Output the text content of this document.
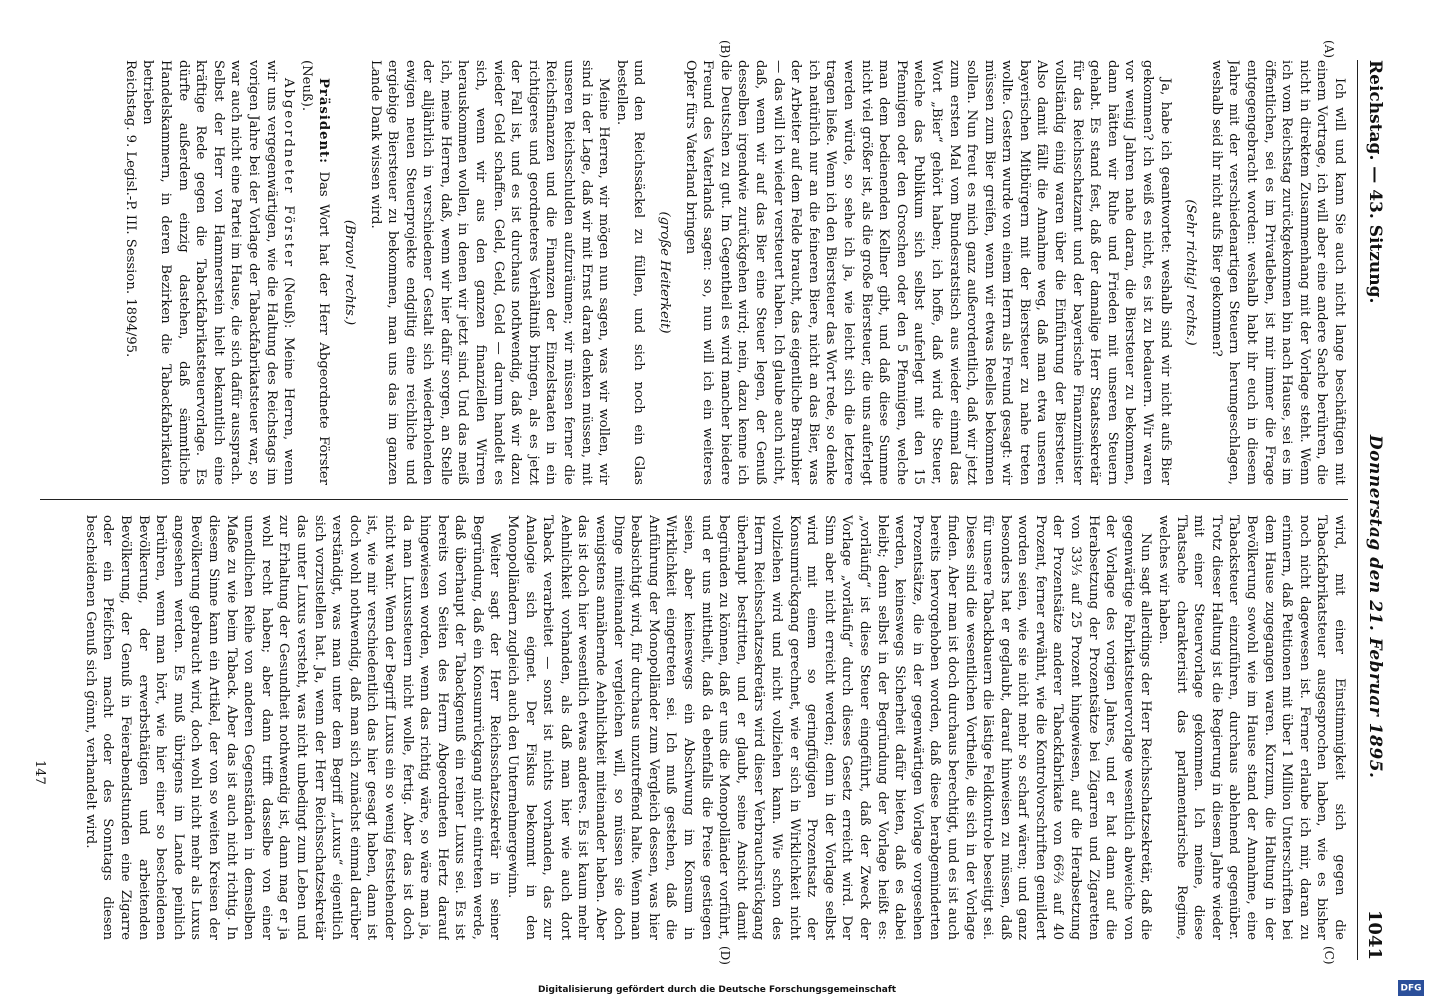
Reichstag. — 43. Sitzung.
Donnerstag den 21. Februar 1895.
1041
(A)
(B)
(C)
(D)

Ich will und kann Sie auch nicht lange beschäftigen mit einem Vortrage, ich will aber eine andere Sache berühren, die nicht in direktem Zusammenhang mit der Vorlage steht. Wenn ich vom Reichstag zurückgekommen bin nach Hause, sei es im öffentlichen, sei es im Privatleben, ist mir immer die Frage entgegengebracht worden: weshalb habt ihr euch in diesem Jahre mit der verschiedenartigen Steuern herumgeschlagen, weshalb seid ihr nicht aufs Bier gekommen?

(Sehr richtig! rechts.)

Ja, habe ich geantwortet: weshalb sind wir nicht aufs Bier gekommen? ich weiß es nicht, es ist zu bedauern. Wir waren vor wenig Jahren nahe daran, die Biersteuer zu bekommen, dann hätten wir Ruhe und Frieden mit unseren Steuern gehabt. Es stand fest, daß der damalige Herr Staatssekretär für das Reichsschatzamt und der bayerische Finanzminister vollständig einig waren über die Einführung der Biersteuer. Also damit fällt die Annahme weg, daß man etwa unseren bayerischen Mitbürgern mit der Biersteuer zu nahe treten wollte. Gestern wurde von einem Herrn als Freund gesagt: wir müssen zum Bier greifen, wenn wir etwas Reelles bekommen sollen. Nun freut es mich ganz außerordentlich, daß wir jetzt zum ersten Mal vom Bundesratstisch aus wieder einmal das Wort „Bier“ gehört haben; ich hoffe, daß wird die Steuer, welche das Publikum sich selbst auferlegt mit den 15 Pfennigen oder den Groschen oder den 5 Pfennigen, welche man dem bedienenden Kellner gibt, und daß diese Summe nicht viel größer ist, als die große Biersteuer, die uns auferlegt werden würde, so sehe ich ja, wie leicht sich die letztere tragen ließe. Wenn ich den Biersteuer das Wort rede, so denke ich natürlich nur an die feineren Biere, nicht an das Bier, was der Arbeiter auf dem Felde braucht, das eigentliche Braunbier — das will ich wieder versteuert haben. Ich glaube auch nicht, daß, wenn wir auf das Bier eine Steuer legen, der Genuß desselben irgendwie zurückgehen wird; nein, dazu kenne ich die Deutschen zu gut. Im Gegentheil es wird mancher biedere Freund des Vaterlands sagen: so, nun will ich ein weiteres Opfer fürs Vaterland bringen

(große Heiterkeit)

und den Reichssäckel zu füllen, und sich noch ein Glas bestellen.

Meine Herren, wir mögen nun sagen, was wir wollen, wir sind in der Lage, daß wir mit Ernst daran denken müssen, mit unseren Reichsschulden aufzuräumen; wir müssen ferner die Reichsfinanzen und die Finanzen der Einzelstaaten in ein richtigeres und geordneteres Verhältniß bringen, als es jetzt der Fall ist, und es ist durchaus nothwendig, daß wir dazu wieder Geld schaffen. Geld, Geld, Geld — darum handelt es sich, wenn wir aus den ganzen finanziellen Wirren herauskommen wollen, in denen wir jetzt sind. Und das meiß ich, meine Herren, daß, wenn wir hier dafür sorgen, an Stelle der alljährlich in verschiedener Gestalt sich wiederholenden ewigen neuen Steuerprojekte endgiltig eine reichliche und ergiebige Biersteuer zu bekommen, man uns das im ganzen Lande Dank wissen wird.

(Bravo! rechts.)

Präsident: Das Wort hat der Herr Abgeordnete Förster (Neuß).

Abgeordneter Förster (Neuß): Meine Herren, wenn wir uns vergegenwärtigen, wie die Haltung des Reichstags im vorigen Jahre bei der Vorlage der Tabackfabrikatsteuer war, so war auch nicht eine Partei im Hause, die sich dafür aussprach. Selbst der Herr von Hammerstein hielt bekanntlich eine kräftige Rede gegen die Tabackfabrikatsteuervorlage. Es dürfte außerdem einzig dastehen, daß sämmtliche Handelskammern, in deren Bezirken die Tabackfabrikation betrieben

Reichstag. 9. Legisl.-P. III. Session. 1894/95.

wird, mit einer Einstimmigkeit sich gegen die Tabackfabrikatsteuer ausgesprochen haben, wie es bisher noch nicht dagewesen ist. Ferner erlaube ich mir, daran zu erinnern, daß Petitionen mit über 1 Million Unterschriften bei dem Hause zugegangen waren. Kurzum, die Haltung in der Bevölkerung sowohl wie im Hause stand der Annahme, eine Tabacksteuer einzuführen, durchaus ablehnend gegenüber. Trotz dieser Haltung ist die Regierung in diesem Jahre wieder mit einer Steuervorlage gekommen. Ich meine, diese Thatsache charakterisirt das parlamentarische Regime, welches wir haben.

Nun sagt allerdings der Herr Reichsschatzsekretär, daß die gegenwärtige Fabrikatsteuervorlage wesentlich abweiche von der Vorlage des vorigen Jahres, und er hat dann auf die Herabsetzung der Prozentsätze bei Zigarren und Zigaretten von 33⅓ auf 25 Prozent hingewiesen, auf die Herabsetzung der Prozentsätze anderer Tabackfabrikate von 66⅔ auf 40 Prozent, ferner erwähnt, wie die Kontrolvorschriften gemildert worden seien, wie sie nicht mehr so scharf wären; und ganz besonders hat er geglaubt, darauf hinweisen zu müssen, daß für unsere Tabackbauern die lästige Feldkontrole beseitigt sei. Dieses sind die wesentlichen Vortheile, die sich in der Vorlage finden. Aber man ist doch durchaus berechtigt, und es ist auch bereits hervorgehoben worden, daß diese herabgeminderten Prozentsätze, die in der gegenwärtigen Vorlage vorgesehen werden, keineswegs Sicherheit dafür bieten, daß es dabei bleibt; denn selbst in der Begründung der Vorlage heißt es: „vorläufig“ ist diese Steuer eingeführt, daß der Zweck der Vorlage „vorläufig“ durch dieses Gesetz erreicht wird. Der Sinn aber nicht erreicht werden; denn in der Vorlage selbst wird mit einem so geringfügigen Prozentsatz der Konsumrückgang gerechnet, wie er sich in Wirklichkeit nicht vollziehen wird und nicht vollziehen kann. Wie schon des Herrn Reichsschatzsekretärs wird dieser Verbrauchsrückgang überhaupt bestritten, und er glaubt, seine Ansicht damit begründen zu können, daß er uns die Monopolländer vorführt, und er uns mittheilt, daß da ebenfalls die Preise gestiegen seien, aber keineswegs ein Abschwung im Konsum in Wirklichkeit eingetreten sei. Ich muß gestehen, daß die Anführung der Monopolländer zum Vergleich dessen, was hier beabsichtigt wird, für durchaus unzutreffend halte. Wenn man Dinge miteinander vergleichen will, so müssen sie doch wenigstens annähernde Aehnlichkeit miteinander haben. Aber das ist doch hier wesentlich etwas anderes. Es ist kaum mehr Aehnlichkeit vorhanden, als daß man hier wie auch dort Taback verarbeitet — sonst ist nichts vorhanden, das zur Analogie sich eignet. Der Fiskus bekommt in den Monopolländern zugleich auch den Unternehmergewinn.

Weiter sagt der Herr Reichsschatzsekretär in seiner Begründung, daß ein Konsumrückgang nicht eintreten werde, daß überhaupt der Tabackgenuß ein reiner Luxus sei. Es ist bereits von Seiten des Herrn Abgeordneten Hertz darauf hingewiesen worden, wenn das richtig wäre, so wäre man ja, da man Luxussteuern nicht wolle, fertig. Aber das ist doch nicht wahr. Wenn der Begriff Luxus ein so wenig feststehender ist, wie mir verschiedentlich das hier gesagt haben, dann ist doch wohl nothwendig, daß man sich zunächst einmal darüber verständigt, was man unter dem Begriff „Luxus“ eigentlich sich vorzustellen hat. Ja, wenn der Herr Reichsschatzsekretär das unter Luxus versteht, was nicht unbedingt zum Leben und zur Erhaltung der Gesundheit nothwendig ist, dann mag er ja wohl recht haben; aber dann trifft dasselbe von einer unendlichen Reihe von anderen Gegenständen in demselben Maße zu wie beim Taback. Aber das ist auch nicht richtig. In diesem Sinne kann ein Artikel, der von so weiten Kreisen der Bevölkerung gebraucht wird, doch wohl nicht mehr als Luxus angesehen werden. Es muß übrigens im Lande peinlich berühren, wenn man hört, wie hier einer so bescheidenen Bevölkerung, der erwerbsthätigen und arbeitenden Bevölkerung, der Genuß in Feierabendstunden eine Zigarre oder ein Pfeifchen macht oder des Sonntags diesen bescheidenen Genuß sich gönnt, verhandelt wird.

147
DFG
Digitalisierung gefördert durch die Deutsche Forschungsgemeinschaft
